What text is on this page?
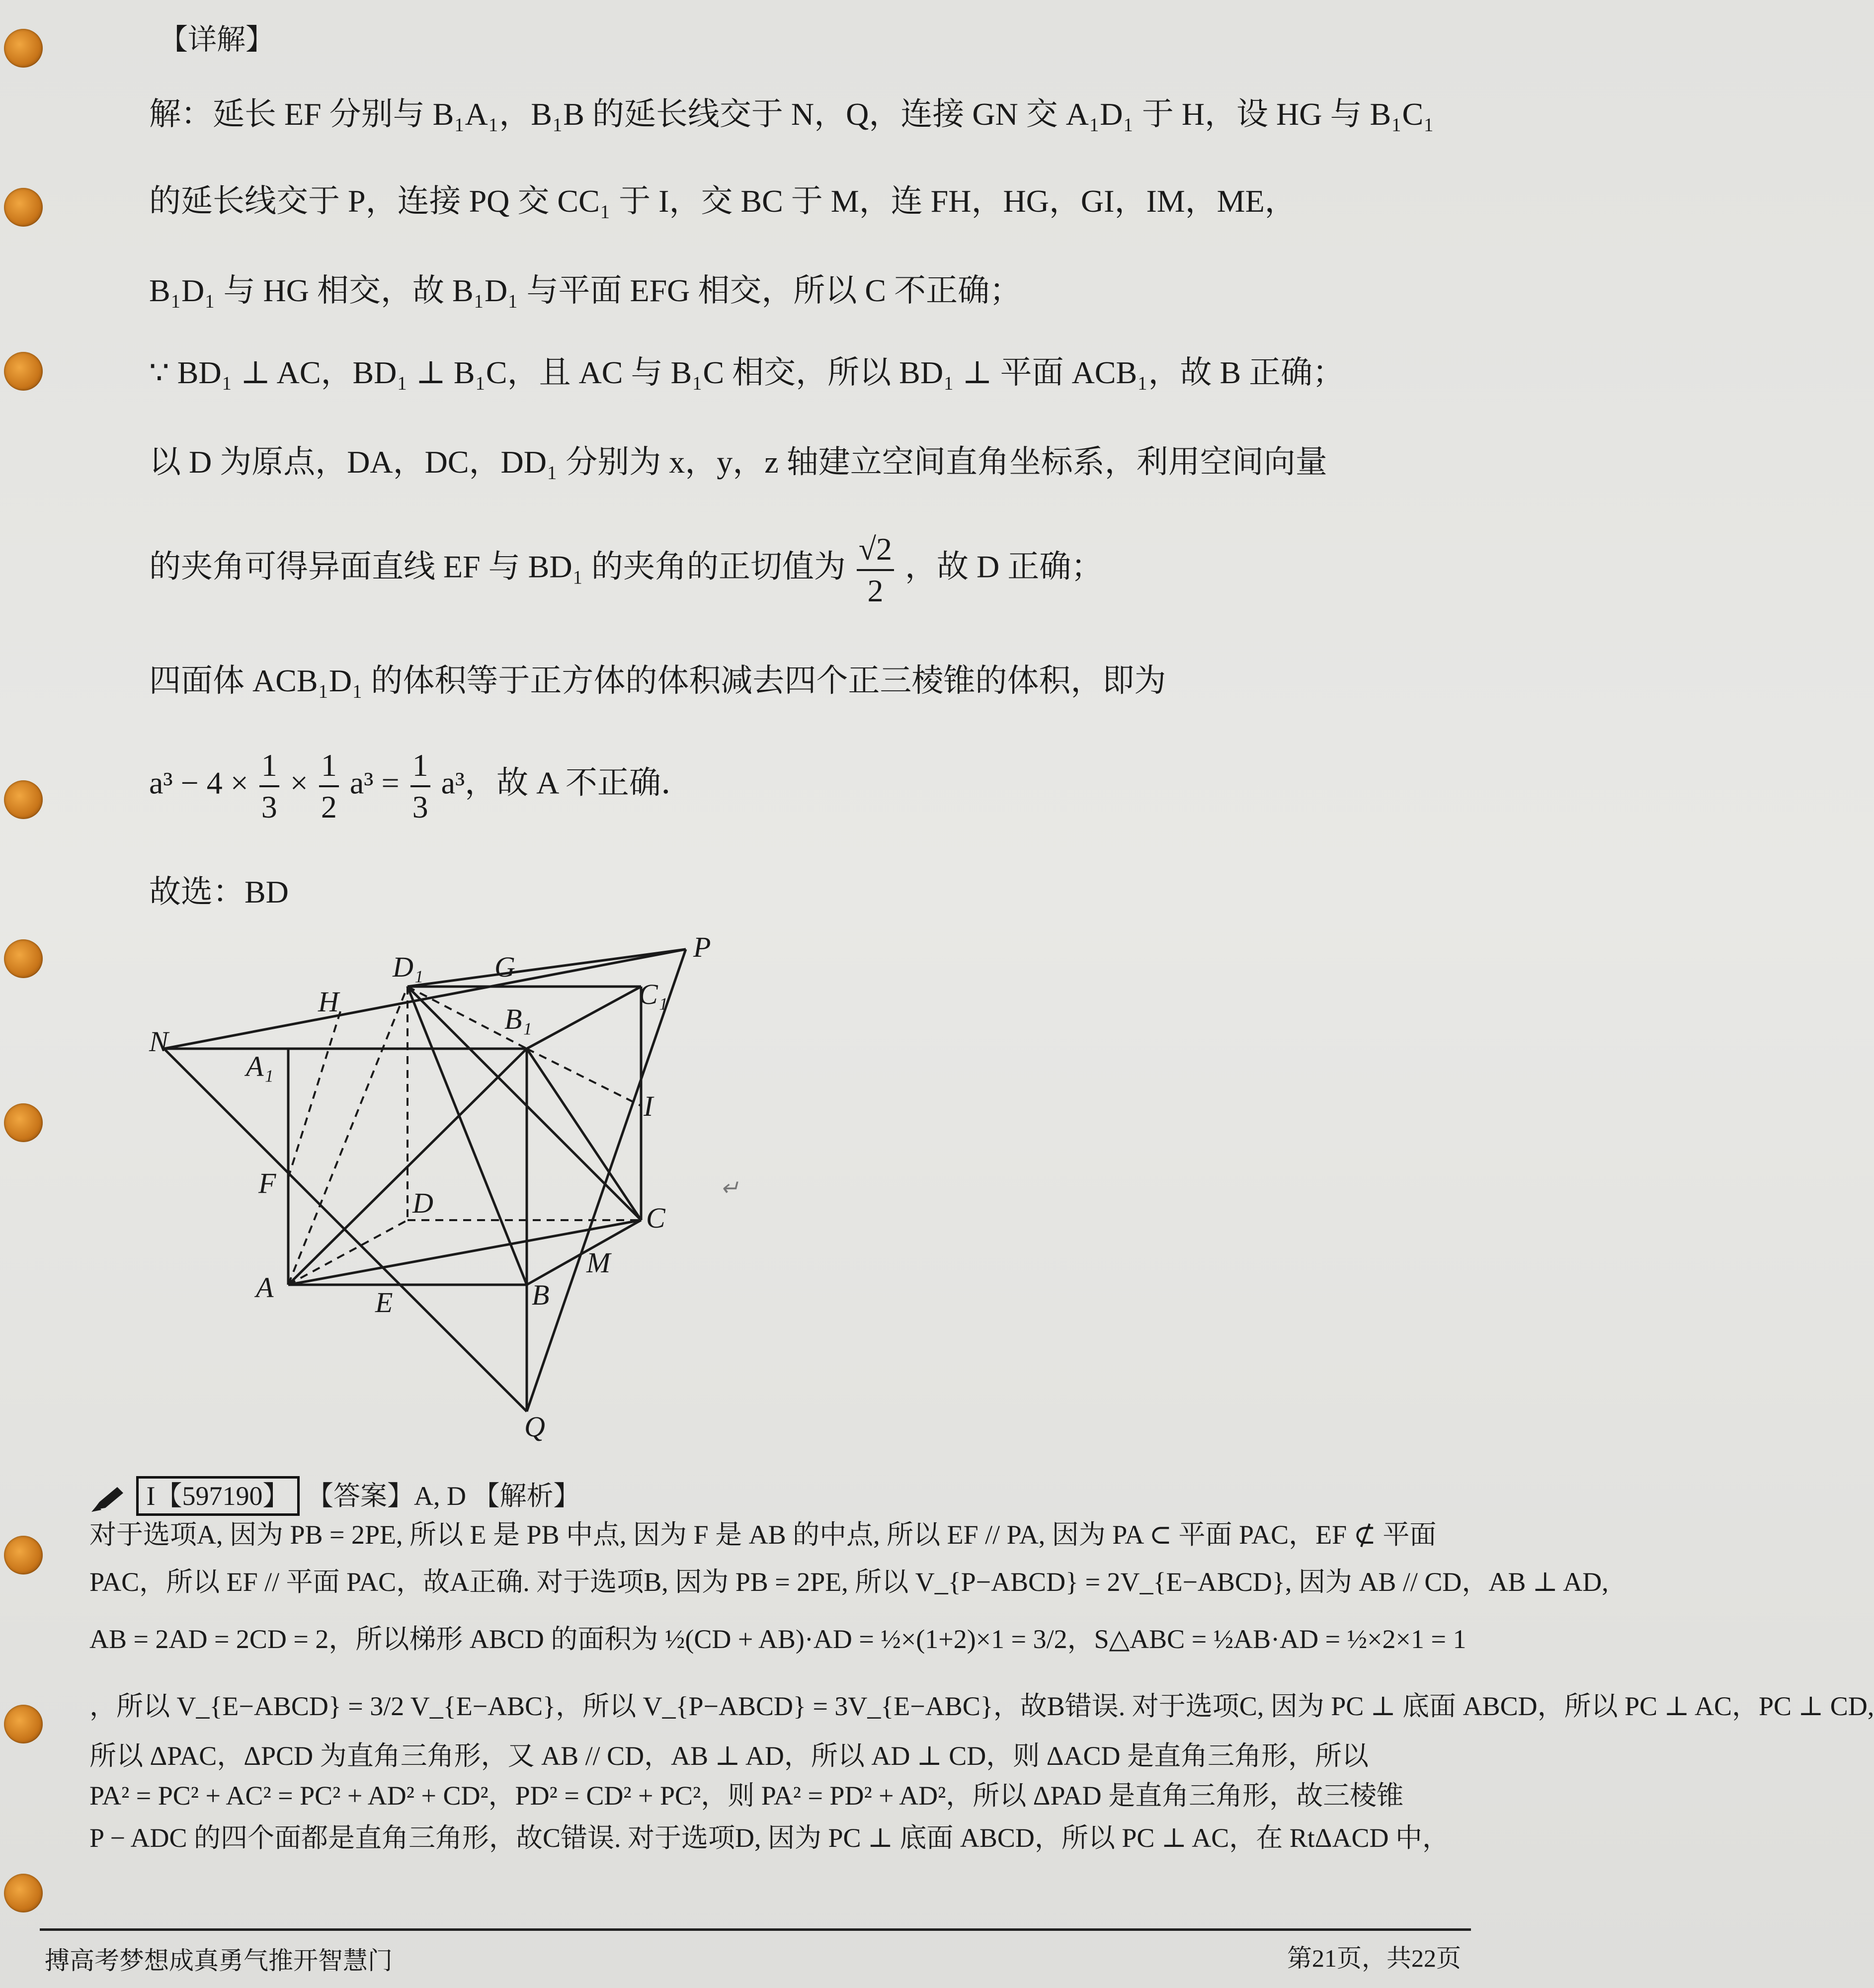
【详解】
解：延长 EF 分别与 B₁A₁，B₁B 的延长线交于 N，Q，连接 GN 交 A₁D₁ 于 H，设 HG 与 B₁C₁
的延长线交于 P，连接 PQ 交 CC₁ 于 I，交 BC 于 M，连 FH，HG，GI，IM，ME，
B₁D₁ 与 HG 相交，故 B₁D₁ 与平面 EFG 相交，所以 C 不正确；
∵ BD₁ ⊥ AC，BD₁ ⊥ B₁C，且 AC 与 B₁C 相交，所以 BD₁ ⊥ 平面 ACB₁，故 B 正确；
以 D 为原点，DA，DC，DD₁ 分别为 x，y，z 轴建立空间直角坐标系，利用空间向量
的夹角可得异面直线 EF 与 BD₁ 的夹角的正切值为 $\frac{√2}{2}$ ，故 D 正确；
四面体 ACB₁D₁ 的体积等于正方体的体积减去四个正三棱锥的体积，即为
$a^3 - 4 \times \frac{1}{3} \times \frac{1}{2} a^3 = \frac{1}{3} a^3$，故 A 不正确．
故选：BD
D₁ G
P
H	C₁
B₁
N
A₁
I
F
D	C
M
A	E	B
Q
↵
I【597190】 【答案】A, D 【解析】
对于选项A, 因为 PB = 2PE, 所以 E 是 PB 中点, 因为 F 是 AB 的中点, 所以 EF // PA, 因为 PA ⊂ 平面 PAC，EF ⊄ 平面
PAC，所以 EF // 平面 PAC，故A正确. 对于选项B, 因为 PB = 2PE, 所以 V_{P−ABCD} = 2V_{E−ABCD}, 因为 AB // CD，AB ⊥ AD,
AB = 2AD = 2CD = 2，所以梯形 ABCD 的面积为 ½(CD + AB)·AD = ½×(1+2)×1 = 3/2，S△ABC = ½AB·AD = ½×2×1 = 1
，所以 V_{E−ABCD} = 3/2 V_{E−ABC}，所以 V_{P−ABCD} = 3V_{E−ABC}，故B错误. 对于选项C, 因为 PC ⊥ 底面 ABCD，所以 PC ⊥ AC，PC ⊥ CD,
所以 ΔPAC，ΔPCD 为直角三角形，又 AB // CD，AB ⊥ AD，所以 AD ⊥ CD，则 ΔACD 是直角三角形，所以
PA² = PC² + AC² = PC² + AD² + CD²，PD² = CD² + PC²，则 PA² = PD² + AD²，所以 ΔPAD 是直角三角形，故三棱锥
P − ADC 的四个面都是直角三角形，故C错误. 对于选项D, 因为 PC ⊥ 底面 ABCD，所以 PC ⊥ AC，在 RtΔACD 中，
搏高考梦想成真勇气推开智慧门	第21页，共22页
